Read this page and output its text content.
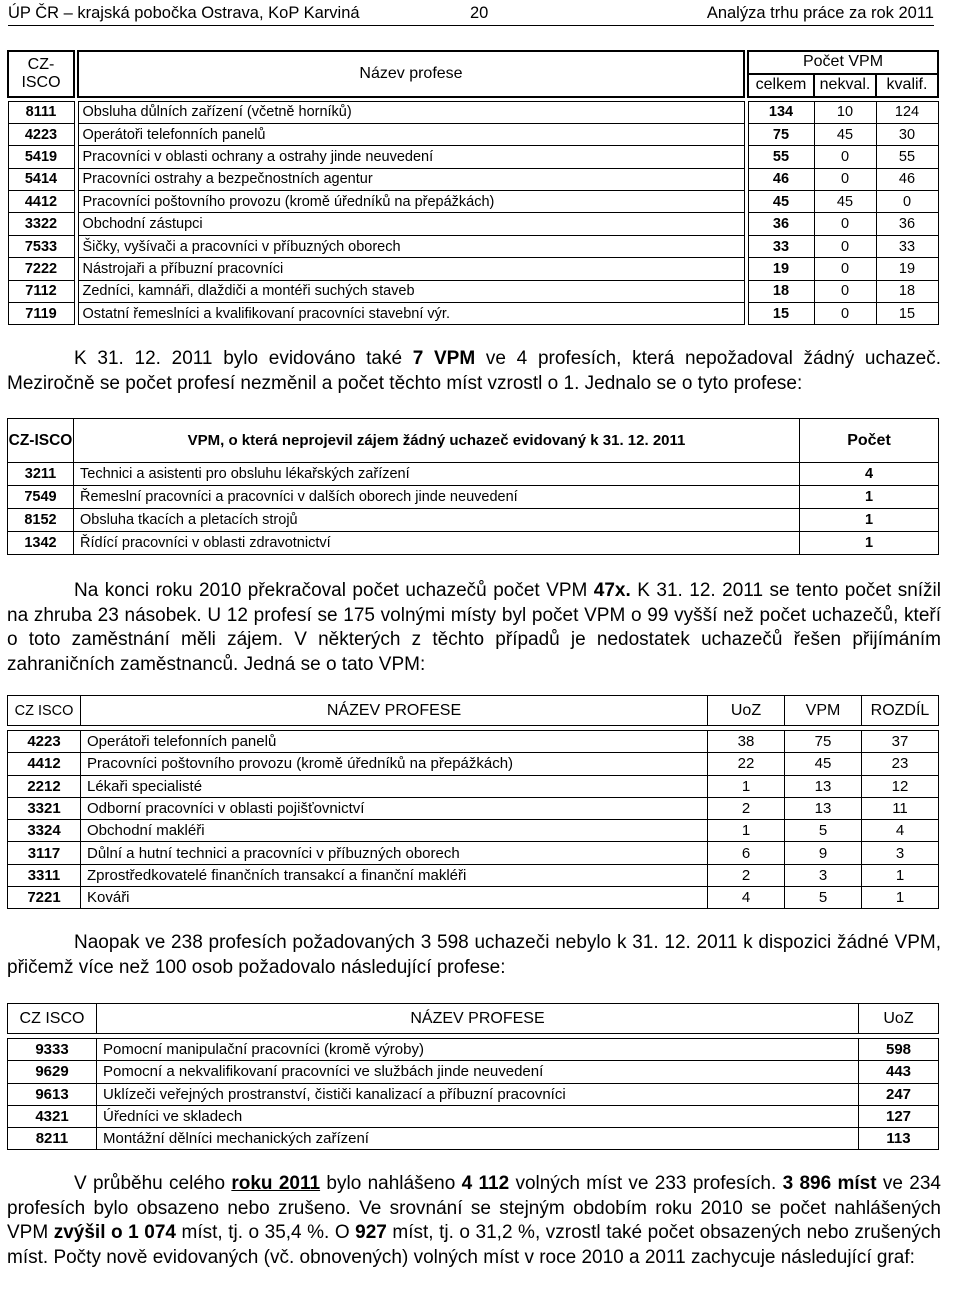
ÚP ČR – krajská pobočka Ostrava, KoP Karviná	20	Analýza trhu práce za rok 2011
CZ-ISCO		Název profese		Počet VPM		
				celkem	nekval.	kvalif.

8111		Obsluha důlních zařízení (včetně horníků)		134	10	124
4223		Operátoři telefonních panelů		75	45	30
5419		Pracovníci v oblasti ochrany a ostrahy jinde neuvedení		55	0	55
5414		Pracovníci ostrahy a bezpečnostních agentur		46	0	46
4412		Pracovníci poštovního provozu (kromě úředníků na přepážkách)		45	45	0
3322		Obchodní zástupci		36	0	36
7533		Šičky, vyšívači a pracovníci v příbuzných oborech		33	0	33
7222		Nástrojaři a příbuzní pracovníci		19	0	19
7112		Zedníci, kamnáři, dlaždiči a montéři suchých staveb		18	0	18
7119		Ostatní řemeslníci a kvalifikovaní pracovníci stavební výr.		15	0	15
K 31. 12. 2011 bylo evidováno také 7 VPM ve 4 profesích, která nepožadoval žádný uchazeč. Meziročně se počet profesí nezměnil a počet těchto míst vzrostl o 1. Jednalo se o tyto profese:
CZ-ISCO	VPM, o která neprojevil zájem žádný uchazeč evidovaný k 31. 12. 2011	Počet
3211	Technici a asistenti pro obsluhu lékařských zařízení	4
7549	Řemeslní pracovníci a pracovníci v dalších oborech jinde neuvedení	1
8152	Obsluha tkacích a pletacích strojů	1
1342	Řídící pracovníci v oblasti zdravotnictví	1
Na konci roku 2010 překračoval počet uchazečů počet VPM 47x. K 31. 12. 2011 se tento počet snížil na zhruba 23 násobek. U 12 profesí se 175 volnými místy byl počet VPM o 99 vyšší než počet uchazečů, kteří o toto zaměstnání měli zájem. V některých z těchto případů je nedostatek uchazečů řešen přijímáním zahraničních zaměstnanců. Jedná se o tato VPM:
CZ ISCO	NÁZEV PROFESE	UoZ	VPM	ROZDÍL

4223	Operátoři telefonních panelů	38	75	37
4412	Pracovníci poštovního provozu (kromě úředníků na přepážkách)	22	45	23
2212	Lékaři specialisté	1	13	12
3321	Odborní pracovníci v oblasti pojišťovnictví	2	13	11
3324	Obchodní makléři	1	5	4
3117	Důlní a hutní technici a pracovníci v příbuzných oborech	6	9	3
3311	Zprostředkovatelé finančních transakcí a finanční makléři	2	3	1
7221	Kováři	4	5	1
Naopak ve 238 profesích požadovaných 3 598 uchazeči nebylo k 31. 12. 2011 k dispozici žádné VPM, přičemž více než 100 osob požadovalo následující profese:
CZ ISCO	NÁZEV PROFESE	UoZ

9333	Pomocní manipulační pracovníci (kromě výroby)	598
9629	Pomocní a nekvalifikovaní pracovníci ve službách jinde neuvedení	443
9613	Uklízeči veřejných prostranství, čističi kanalizací a příbuzní pracovníci	247
4321	Úředníci ve skladech	127
8211	Montážní dělníci mechanických zařízení	113
V průběhu celého roku 2011 bylo nahlášeno 4 112 volných míst ve 233 profesích. 3 896 míst ve 234 profesích bylo obsazeno nebo zrušeno. Ve srovnání se stejným obdobím roku 2010 se počet nahlášených VPM zvýšil o 1 074 míst, tj. o 35,4 %. O 927 míst, tj. o 31,2 %, vzrostl také počet obsazených nebo zrušených míst. Počty nově evidovaných (vč. obnovených) volných míst v roce 2010 a 2011 zachycuje následující graf:
